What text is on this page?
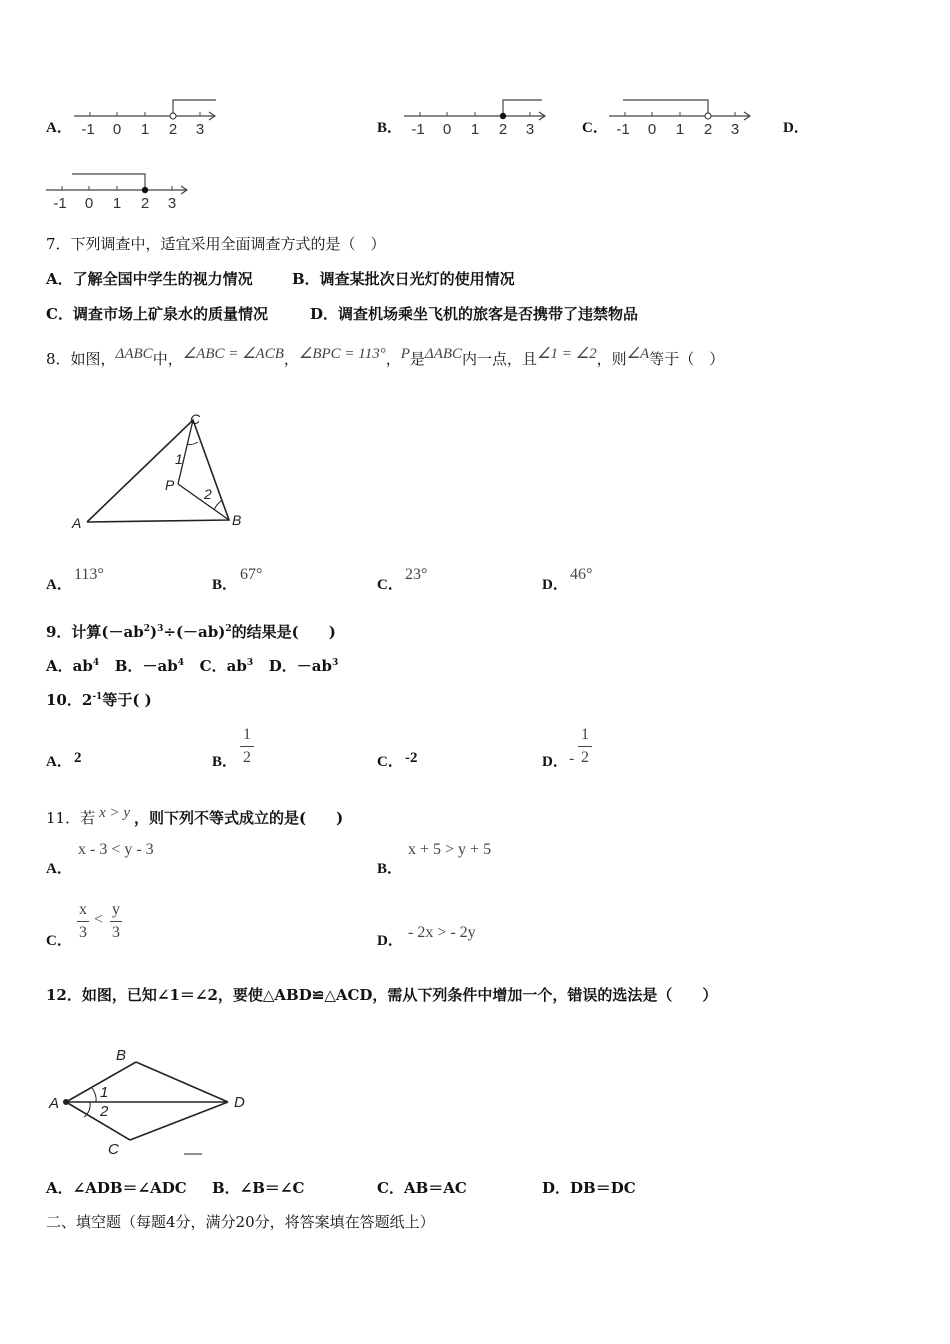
A． -1 0 1 2 3	B． -1 0 1 2 3	C． -1 0 1 2 3	D．
-1 0 1 2 3
7．下列调查中，适宜采用全面调查方式的是（　）
A．了解全国中学生的视力情况	B．调查某批次日光灯的使用情况
C．调查市场上矿泉水的质量情况	D．调查机场乘坐飞机的旅客是否携带了违禁物品
8．如图，ΔABC中，∠ABC = ∠ACB，∠BPC = 113°，P是ΔABC内一点，且∠1 = ∠2，则∠A等于（　）
A
C
B
P
1
2
A．
113°
B．
67°
C．
23°
D．
46°
9．计算$(-ab^2)^3\div(-ab)^2$的结果是(　　)
A．$ab^4$ B．$-ab^4$ C．$ab^3$ D．$-ab^3$
10．$2^{-1}$等于( )
A． 2	B．
1
2	C． -2	D． -
1
2
11．若 x > y ，则下列不等式成立的是(　　)
A．
x - 3 < y - 3
B．
x + 5 > y + 5
C．
x
3
<
y
3	D． - 2x > - 2y
12．如图，已知∠1＝∠2，要使△ABD≌△ACD，需从下列条件中增加一个，错误的选法是（　　）
A
B
D
C
1
2
A．∠ADB＝∠ADC B．∠B＝∠C	C．AB＝AC	D．DB＝DC
二、填空题（每题4分，满分20分，将答案填在答题纸上）
